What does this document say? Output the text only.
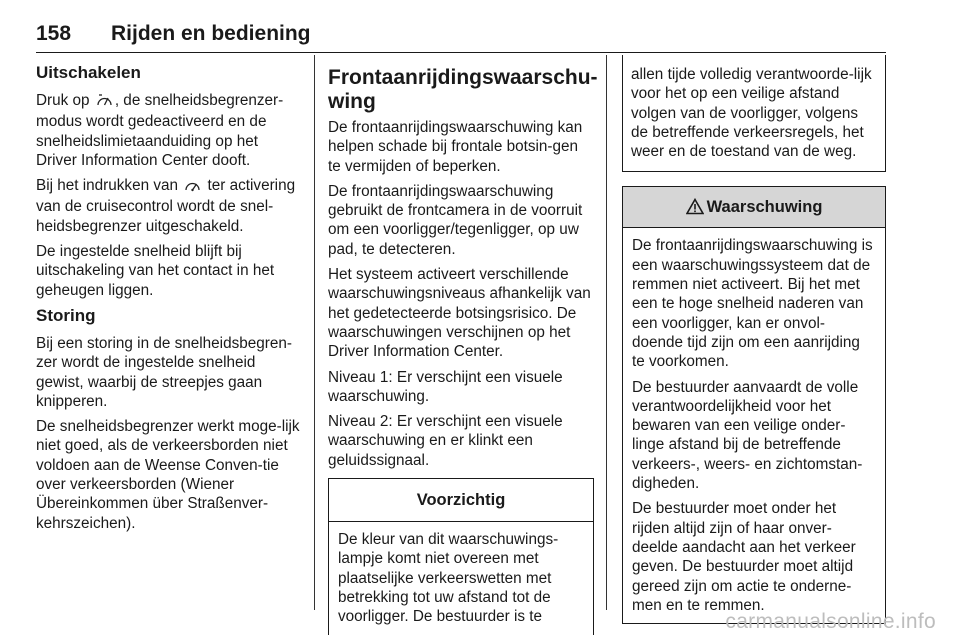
158 Rijden en bediening
Uitschakelen

Druk op , de snelheidsbegrenzer-modus wordt gedeactiveerd en de snelheidslimietaanduiding op het Driver Information Center dooft.

Bij het indrukken van  ter activering van de cruisecontrol wordt de snel-heidsbegrenzer uitgeschakeld.

De ingestelde snelheid blijft bij uitschakeling van het contact in het geheugen liggen.

Storing

Bij een storing in de snelheidsbegren-zer wordt de ingestelde snelheid gewist, waarbij de streepjes gaan knipperen.

De snelheidsbegrenzer werkt moge-lijk niet goed, als de verkeersborden niet voldoen aan de Weense Conven-tie over verkeersborden (Wiener Übereinkommen über Straßenver-kehrszeichen).

Frontaanrijdingswaarschu-wing

De frontaanrijdingswaarschuwing kan helpen schade bij frontale botsin-gen te vermijden of beperken.

De frontaanrijdingswaarschuwing gebruikt de frontcamera in de voorruit om een voorligger/tegenligger, op uw pad, te detecteren.

Het systeem activeert verschillende waarschuwingsniveaus afhankelijk van het gedetecteerde botsingsrisico. De waarschuwingen verschijnen op het Driver Information Center.

Niveau 1: Er verschijnt een visuele waarschuwing.

Niveau 2: Er verschijnt een visuele waarschuwing en er klinkt een geluidssignaal.

Voorzichtig

De kleur van dit waarschuwings-lampje komt niet overeen met plaatselijke verkeerswetten met betrekking tot uw afstand tot de voorligger. De bestuurder is te

allen tijde volledig verantwoorde-lijk voor het op een veilige afstand volgen van de voorligger, volgens de betreffende verkeersregels, het weer en de toestand van de weg.

Waarschuwing

De frontaanrijdingswaarschuwing is een waarschuwingssysteem dat de remmen niet activeert. Bij het met een te hoge snelheid naderen van een voorligger, kan er onvol-doende tijd zijn om een aanrijding te voorkomen.

De bestuurder aanvaardt de volle verantwoordelijkheid voor het bewaren van een veilige onder-linge afstand bij de betreffende verkeers-, weers- en zichtomstan-digheden.

De bestuurder moet onder het rijden altijd zijn of haar onver-deelde aandacht aan het verkeer geven. De bestuurder moet altijd gereed zijn om actie te onderne-men en te remmen.

carmanualsonline.info
